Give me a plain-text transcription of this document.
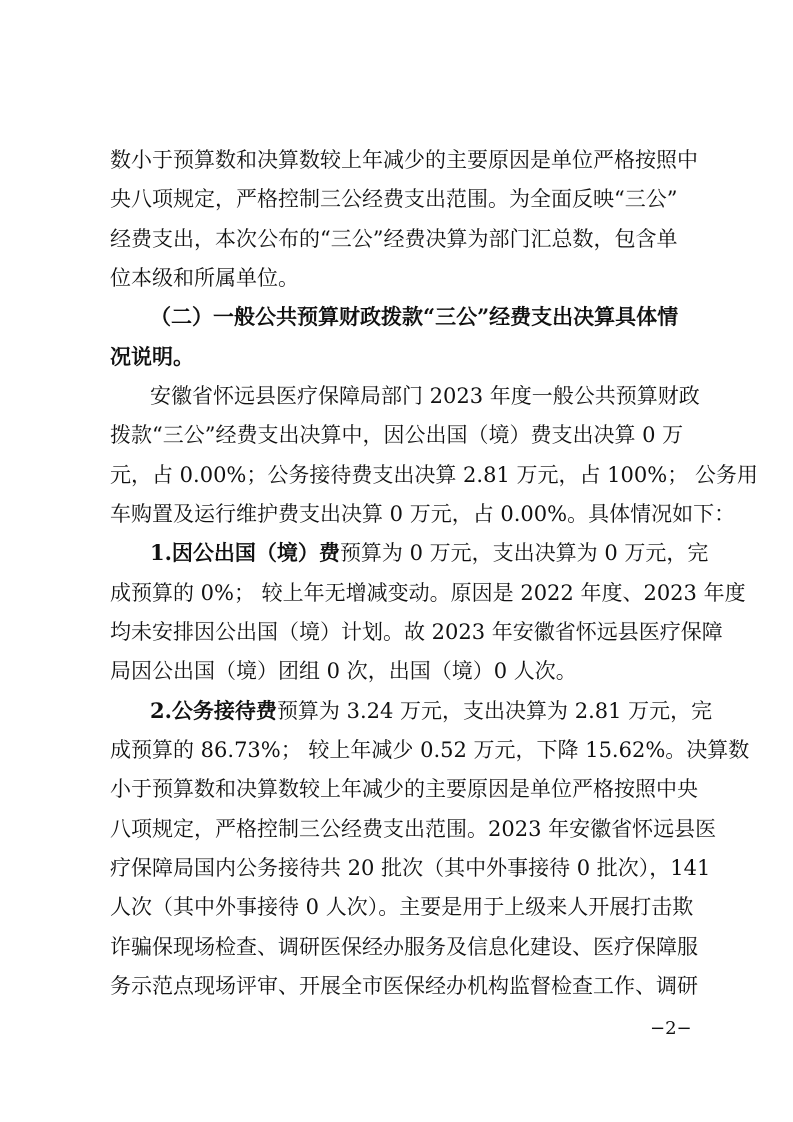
数小于预算数和决算数较上年减少的主要原因是单位严格按照中
央八项规定，严格控制三公经费支出范围。为全面反映“三公”
经费支出，本次公布的“三公”经费决算为部门汇总数，包含单
位本级和所属单位。
（二）一般公共预算财政拨款“三公”经费支出决算具体情
况说明。
安徽省怀远县医疗保障局部门 2023 年度一般公共预算财政
拨款“三公”经费支出决算中，因公出国（境）费支出决算 0 万
元，占 0.00%；公务接待费支出决算 2.81 万元，占 100%； 公务用
车购置及运行维护费支出决算 0 万元，占 0.00%。具体情况如下：
1.因公出国（境）费预算为 0 万元，支出决算为 0 万元，完
成预算的 0%； 较上年无增减变动。原因是 2022 年度、2023 年度
均未安排因公出国（境）计划。故 2023 年安徽省怀远县医疗保障
局因公出国（境）团组 0 次，出国（境）0 人次。
2.公务接待费预算为 3.24 万元，支出决算为 2.81 万元，完
成预算的 86.73%； 较上年减少 0.52 万元，下降 15.62%。决算数
小于预算数和决算数较上年减少的主要原因是单位严格按照中央
八项规定，严格控制三公经费支出范围。2023 年安徽省怀远县医
疗保障局国内公务接待共 20 批次（其中外事接待 0 批次），141
人次（其中外事接待 0 人次）。主要是用于上级来人开展打击欺
诈骗保现场检查、调研医保经办服务及信息化建设、医疗保障服
务示范点现场评审、开展全市医保经办机构监督检查工作、调研
−2−
